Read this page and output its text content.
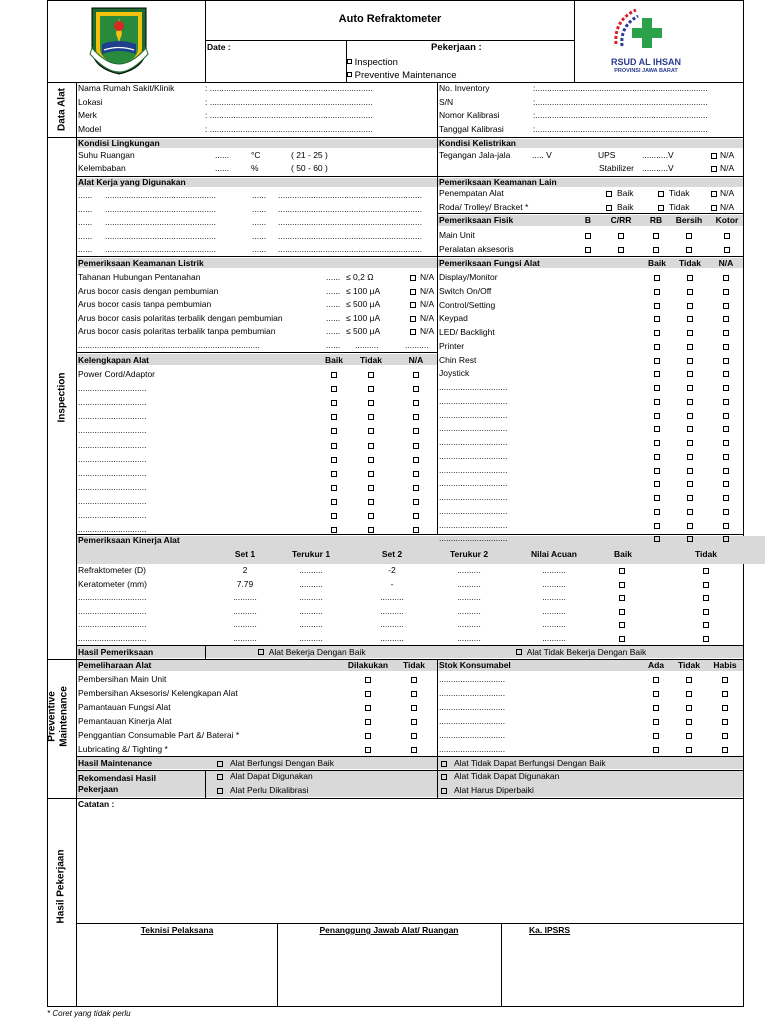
Auto Refraktometer
Date :	Pekerjaan :
Inspection
Preventive Maintenance
RSUD AL IHSAN
PROVINSI JAWA BARAT
Data Alat
Inspection
Preventive Maintenance
Hasil Pekerjaan
Nama Rumah Sakit/Klinik	: .....................................................................
Lokasi	: .....................................................................
Merk	: .....................................................................
Model	: .....................................................................
No. Inventory	:.........................................................................
S/N	:.........................................................................
Nomor Kalibrasi	:.........................................................................
Tanggal Kalibrasi	:.........................................................................
Kondisi Lingkungan
Suhu Ruangan	......	°C	( 21 - 25 )
Kelembaban	......	%	( 50 - 60 )
Kondisi Kelistrikan
Tegangan Jala-jala	..... V	UPS	...........V
Stabilizer ...........V
N/A
N/A
Alat Kerja yang Digunakan
...... ...............................................	...... .............................................................
...... ...............................................	...... .............................................................
...... ...............................................	...... .............................................................
...... ...............................................	...... .............................................................
...... ...............................................	...... .............................................................
Pemeriksaan Keamanan Lain
Penempatan Alat	Baik	Tidak	N/A
Roda/ Trolley/ Bracket *	Baik	Tidak	N/A
Pemeriksaan Fisik	B	C/RR	RB	Bersih	Kotor
Main Unit
Peralatan aksesoris
Pemeriksaan Keamanan Listrik
Tahanan Hubungan Pentanahan	...... ≤ 0,2 Ω	N/A
Arus bocor casis dengan pembumian	...... ≤ 100 μA	N/A
Arus bocor casis tanpa pembumian	...... ≤ 500 μA	N/A
Arus bocor casis polaritas terbalik dengan pembumian	...... ≤ 100 μA	N/A
Arus bocor casis polaritas terbalik tanpa pembumian	...... ≤ 500 μA	N/A
.............................................................................	...... ..........	..........
Pemeriksaan Fungsi Alat	Baik	Tidak	N/A
Display/Monitor
Switch On/Off
Control/Setting
Keypad
LED/ Backlight
Printer
Chin Rest
Joystick
.............................
.............................
.............................
.............................
.............................
.............................
.............................
.............................
.............................
.............................
.............................
.............................
Kelengkapan Alat	Baik	Tidak	N/A
Power Cord/Adaptor
.............................
.............................
.............................
.............................
.............................
.............................
.............................
.............................
.............................
.............................
.............................
Pemeriksaan Kinerja Alat
Set 1	Terukur 1	Set 2	Terukur 2	Nilai Acuan	Baik	Tidak
Refraktometer (D)	2	..........	-2	..........	..........
Keratometer (mm)	7.79	..........	-	..........	..........
.............................	..........	..........	..........	..........	..........
.............................	..........	..........	..........	..........	..........
.............................	..........	..........	..........	..........	..........
.............................	..........	..........	..........	..........	..........
Hasil Pemeriksaan	Alat Bekerja Dengan Baik	Alat Tidak Bekerja Dengan Baik
Pemeliharaan Alat	Dilakukan	Tidak
Pembersihan Main Unit
Pembersihan Aksesoris/ Kelengkapan Alat
Pamantauan Fungsi Alat
Pemantauan Kinerja Alat
Penggantian Consumable Part &/ Baterai *
Lubricating &/ Tighting *
Stok Konsumabel	Ada	Tidak	Habis
............................
............................
............................
............................
............................
............................
Hasil Maintenance	Alat Berfungsi Dengan Baik	Alat Tidak Dapat Berfungsi Dengan Baik
Rekomendasi Hasil
Pekerjaan
Alat Dapat Digunakan
Alat Perlu Dikalibrasi
Alat Tidak Dapat Digunakan
Alat Harus Diperbaiki
Catatan :
Teknisi Pelaksana	Penanggung Jawab Alat/ Ruangan	Ka. IPSRS
* Coret yang tidak perlu
